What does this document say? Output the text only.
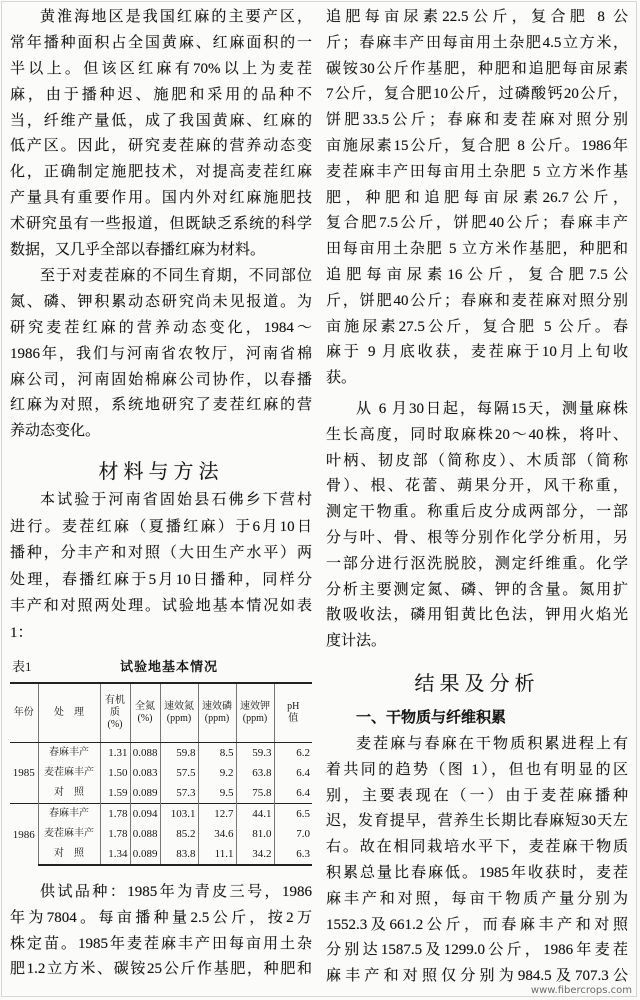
黄淮海地区是我国红麻的主要产区，
常年播种面积占全国黄麻、红麻面积的一
半以上。但该区红麻有70%以上为麦茬
麻，由于播种迟、施肥和采用的品种不
当，纤维产量低，成了我国黄麻、红麻的
低产区。因此，研究麦茬麻的营养动态变
化，正确制定施肥技术，对提高麦茬红麻
产量具有重要作用。国内外对红麻施肥技
术研究虽有一些报道，但既缺乏系统的科学
数据，又几乎全部以春播红麻为材料。
至于对麦茬麻的不同生育期，不同部位
氮、磷、钾积累动态研究尚未见报道。为
研究麦茬红麻的营养动态变化，1984～
1986年，我们与河南省农牧厅，河南省棉
麻公司，河南固始棉麻公司协作，以春播
红麻为对照，系统地研究了麦茬红麻的营
养动态变化。
材料与方法
本试验于河南省固始县石佛乡下营村
进行。麦茬红麻（夏播红麻）于6月10日
播种，分丰产和对照（大田生产水平）两
处理，春播红麻于5月10日播种，同样分
丰产和对照两处理。试验地基本情况如表
1：
表1	试验地基本情况
年份	处　理	有机质
(%)	全氮
(%)	速效氮
(ppm)	速效磷
(ppm)	速效钾
(ppm)	pH
值

1985	春麻丰产	1.31	0.088	59.8	8.5	59.3	6.2
	麦茬麻丰产	1.50	0.083	57.5	9.2	63.8	6.4
	对　照	1.59	0.089	57.3	9.5	75.8	6.4
1986	春麻丰产	1.78	0.094	103.1	12.7	44.1	6.5
	麦茬麻丰产	1.78	0.088	85.2	34.6	81.0	7.0
	对　照	1.34	0.089	83.8	11.1	34.2	6.3
供试品种：1985年为青皮三号，1986
年为7804。每亩播种量2.5公斤，按2万
株定苗。1985年麦茬麻丰产田每亩用土杂
肥1.2立方米、碳铵25公斤作基肥，种肥和
追肥每亩尿素22.5公斤，复合肥 8 公
斤；春麻丰产田每亩用土杂肥4.5立方米，
碳铵30公斤作基肥，种肥和追肥每亩尿素
7公斤，复合肥10公斤，过磷酸钙20公斤，
饼肥33.5公斤；春麻和麦茬麻对照分别
亩施尿素15公斤，复合肥 8 公斤。1986年
麦茬麻丰产田每亩用土杂肥 5 立方米作基
肥，种肥和追肥每亩尿素26.7公斤，
复合肥7.5公斤，饼肥40公斤；春麻丰产
田每亩用土杂肥 5 立方米作基肥，种肥和
追肥每亩尿素16公斤，复合肥7.5公
斤，饼肥40公斤；春麻和麦茬麻对照分别
亩施尿素27.5公斤，复合肥 5 公斤。春
麻于 9 月底收获，麦茬麻于10月上旬收
获。
从 6 月30日起，每隔15天，测量麻株
生长高度，同时取麻株20～40株，将叶、
叶柄、韧皮部（简称皮）、木质部（简称
骨）、根、花蕾、蒴果分开，风干称重，
测定干物重。称重后皮分成两部分，一部
分与叶、骨、根等分别作化学分析用，另
一部分进行沤洗脱胶，测定纤维重。化学
分析主要测定氮、磷、钾的含量。氮用扩
散吸收法，磷用钼黄比色法，钾用火焰光
度计法。
结果及分析
一、干物质与纤维积累
麦茬麻与春麻在干物质积累进程上有
着共同的趋势（图 1），但也有明显的区
别，主要表现在（一）由于麦茬麻播种
迟，发育提早，营养生长期比春麻短30天左
右。故在相同栽培水平下，麦茬麻干物质
积累总量比春麻低。1985年收获时，麦茬
麻丰产和对照，每亩干物质产量分别为
1552.3及661.2公斤，而春麻丰产和对照
分别达1587.5及1299.0公斤，1986年麦茬
麻丰产和对照仅分别为984.5及707.3公
www.fibercrops.com
